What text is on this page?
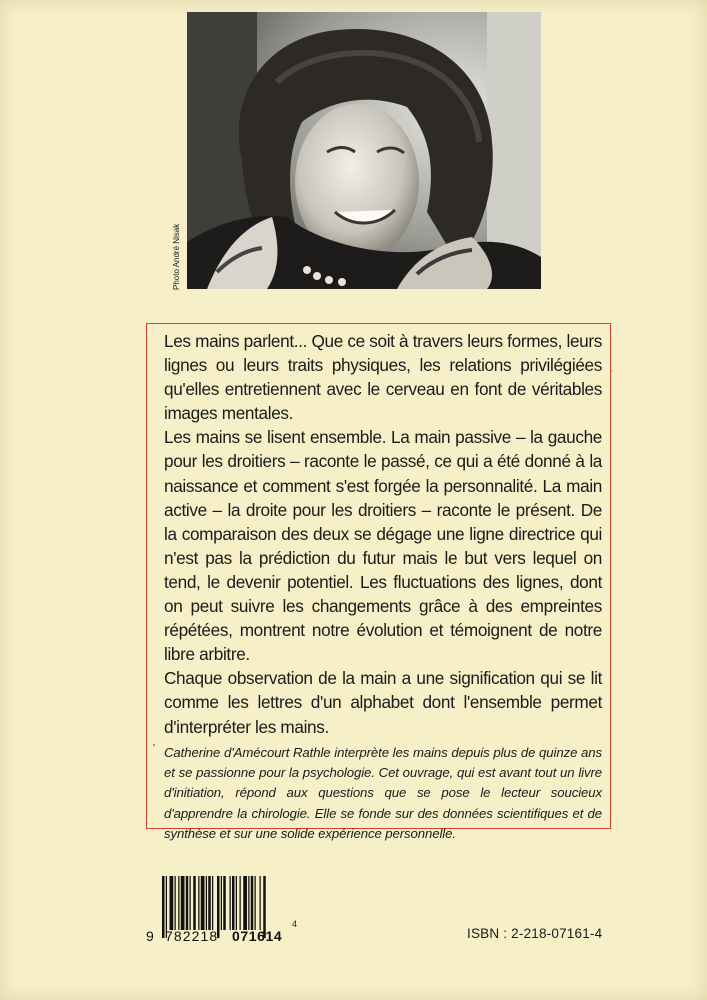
Photo André Nisak

Les mains parlent... Que ce soit à travers leurs formes, leurs lignes ou leurs traits physiques, les relations privilégiées qu'elles entretiennent avec le cerveau en font de véritables images mentales.

Les mains se lisent ensemble. La main passive – la gauche pour les droitiers – raconte le passé, ce qui a été donné à la naissance et comment s'est forgée la personnalité. La main active – la droite pour les droitiers – raconte le présent. De la comparaison des deux se dégage une ligne directrice qui n'est pas la prédiction du futur mais le but vers lequel on tend, le devenir potentiel. Les fluctuations des lignes, dont on peut suivre les changements grâce à des empreintes répétées, montrent notre évolution et témoignent de notre libre arbitre.

Chaque observation de la main a une signification qui se lit comme les lettres d'un alphabet dont l'ensemble permet d'interpréter les mains.

Catherine d'Amécourt Rathle interprète les mains depuis plus de quinze ans et se passionne pour la psychologie. Cet ouvrage, qui est avant tout un livre d'initiation, répond aux questions que se pose le lecteur soucieux d'apprendre la chirologie. Elle se fonde sur des données scientifiques et de synthèse et sur une solide expérience personnelle.

9 782218 071614
4
ISBN : 2-218-07161-4
